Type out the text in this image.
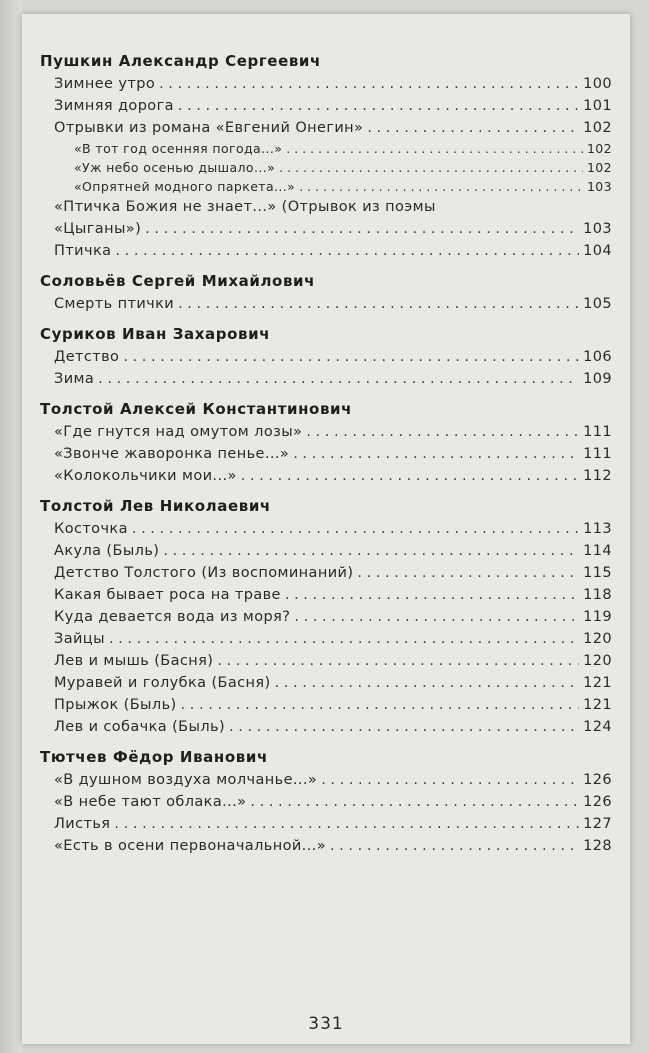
Пушкин Александр Сергеевич
Зимнее утро . . .	100
Зимняя дорога . . .	101
Отрывки из романа «Евгений Онегин» . . .	102
«В тот год осенняя погода...» . . .	102
«Уж небо осенью дышало...» . . .	102
«Опрятней модного паркета...» . . .	103
«Птичка Божия не знает...» (Отрывок из поэмы
«Цыганы») . . .	103
Птичка . . .	104
Соловьёв Сергей Михайлович
Смерть птички . . .	105
Суриков Иван Захарович
Детство . . .	106
Зима . . .	109
Толстой Алексей Константинович
«Где гнутся над омутом лозы» . . .	111
«Звонче жаворонка пенье...» . . .	111
«Колокольчики мои...» . . .	112
Толстой Лев Николаевич
Косточка . . .	113
Акула (Быль) . . .	114
Детство Толстого (Из воспоминаний) . . .	115
Какая бывает роса на траве . . .	118
Куда девается вода из моря? . . .	119
Зайцы . . .	120
Лев и мышь (Басня) . . .	120
Муравей и голубка (Басня) . . .	121
Прыжок (Быль) . . .	121
Лев и собачка (Быль) . . .	124
Тютчев Фёдор Иванович
«В душном воздуха молчанье...» . . .	126
«В небе тают облака...» . . .	126
Листья . . .	127
«Есть в осени первоначальной...» . . .	128
331
